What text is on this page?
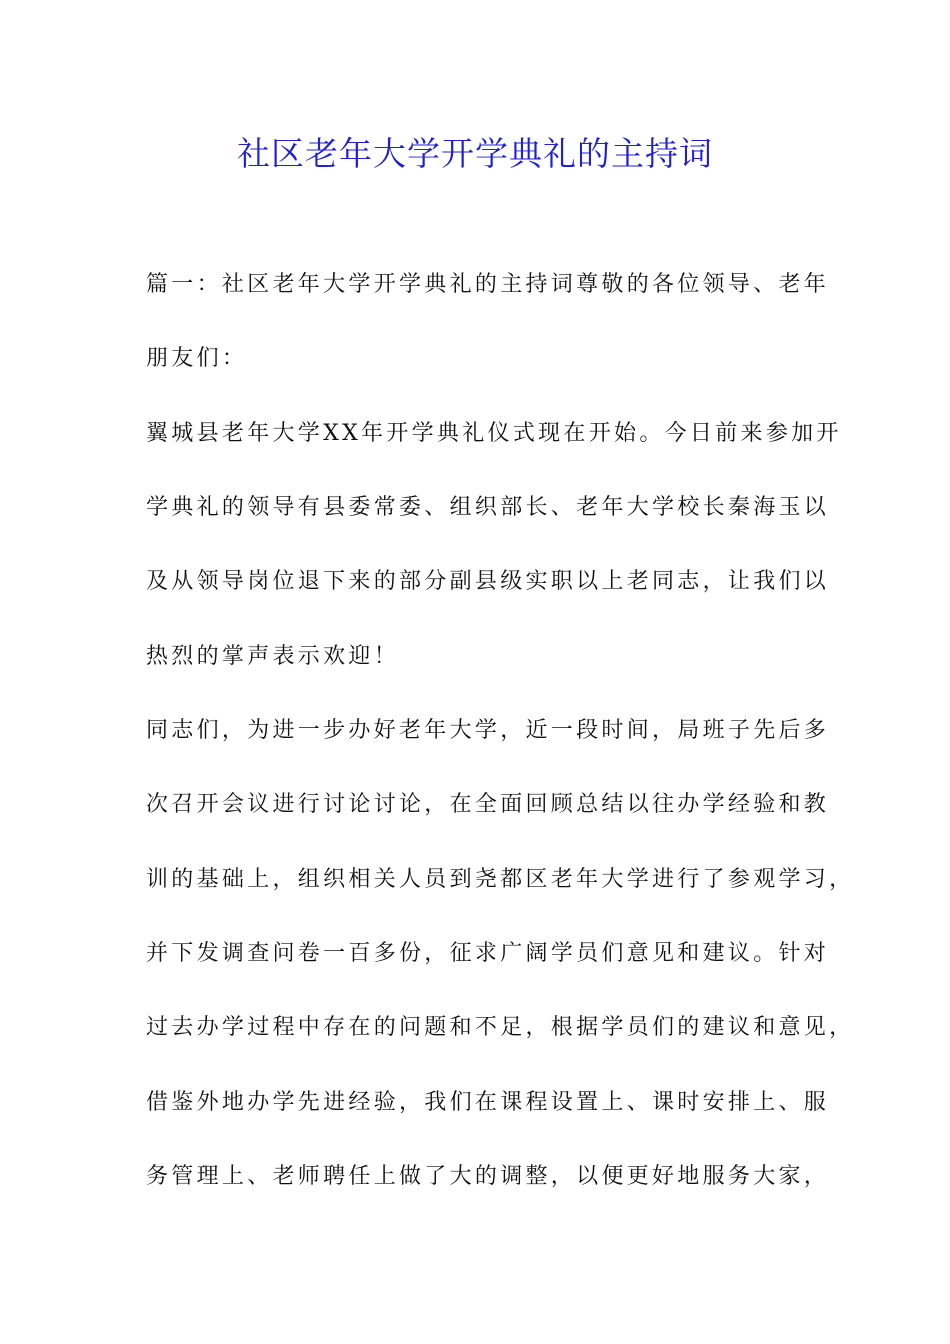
社区老年大学开学典礼的主持词

篇一：社区老年大学开学典礼的主持词尊敬的各位领导、老年

朋友们：

翼城县老年大学XX年开学典礼仪式现在开始。今日前来参加开

学典礼的领导有县委常委、组织部长、老年大学校长秦海玉以

及从领导岗位退下来的部分副县级实职以上老同志，让我们以

热烈的掌声表示欢迎！

同志们，为进一步办好老年大学，近一段时间，局班子先后多

次召开会议进行讨论讨论，在全面回顾总结以往办学经验和教

训的基础上，组织相关人员到尧都区老年大学进行了参观学习，

并下发调查问卷一百多份，征求广阔学员们意见和建议。针对

过去办学过程中存在的问题和不足，根据学员们的建议和意见，

借鉴外地办学先进经验，我们在课程设置上、课时安排上、服

务管理上、老师聘任上做了大的调整，以便更好地服务大家，
